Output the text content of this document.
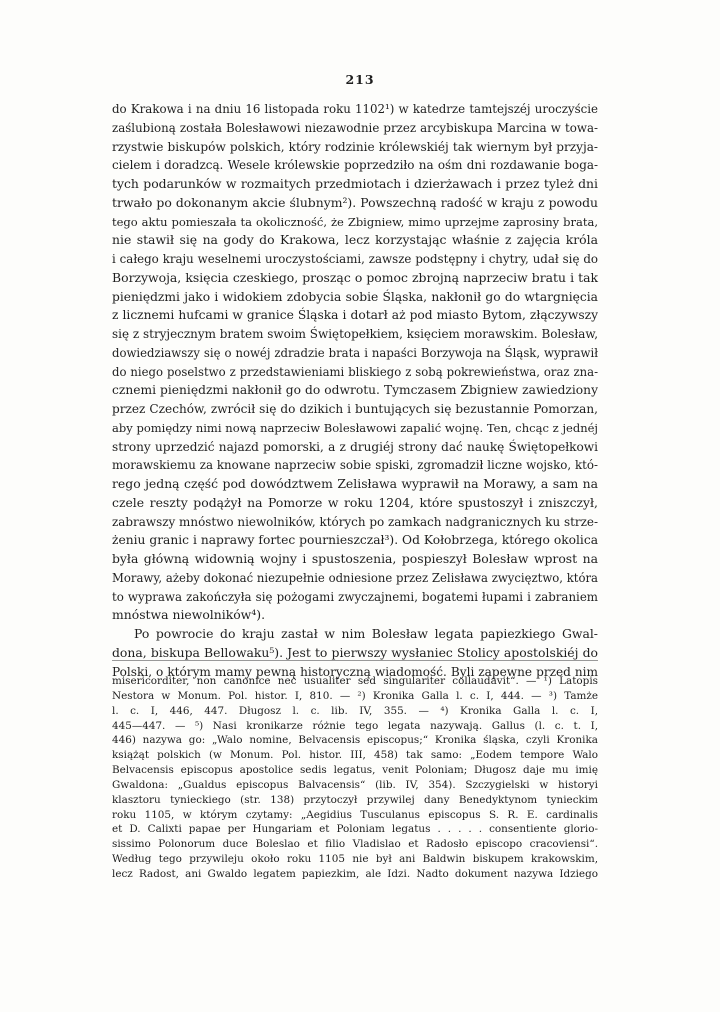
213
do Krakowa i na dniu 16 listopada roku 1102¹) w katedrze tamtejszéj uroczyście
zaślubioną została Bolesławowi niezawodnie przez arcybiskupa Marcina w towa-
rzystwie biskupów polskich, który rodzinie królewskiéj tak wiernym był przyja-
cielem i doradzcą. Wesele królewskie poprzedziło na ośm dni rozdawanie boga-
tych podarunków w rozmaitych przedmiotach i dzierżawach i przez tyleż dni
trwało po dokonanym akcie ślubnym²). Powszechną radość w kraju z powodu
tego aktu pomieszała ta okoliczność, że Zbigniew, mimo uprzejme zaprosiny brata,
nie stawił się na gody do Krakowa, lecz korzystając właśnie z zajęcia króla
i całego kraju weselnemi uroczystościami, zawsze podstępny i chytry, udał się do
Borzywoja, księcia czeskiego, prosząc o pomoc zbrojną naprzeciw bratu i tak
pieniędzmi jako i widokiem zdobycia sobie Śląska, nakłonił go do wtargnięcia
z licznemi hufcami w granice Śląska i dotarł aż pod miasto Bytom, złączywszy
się z stryjecznym bratem swoim Świętopełkiem, księciem morawskim. Bolesław,
dowiedziawszy się o nowéj zdradzie brata i napaści Borzywoja na Śląsk, wyprawił
do niego poselstwo z przedstawieniami bliskiego z sobą pokrewieństwa, oraz zna-
cznemi pieniędzmi nakłonił go do odwrotu. Tymczasem Zbigniew zawiedziony
przez Czechów, zwrócił się do dzikich i buntujących się bezustannie Pomorzan,
aby pomiędzy nimi nową naprzeciw Bolesławowi zapalić wojnę. Ten, chcąc z jednéj
strony uprzedzić najazd pomorski, a z drugiéj strony dać naukę Świętopełkowi
morawskiemu za knowane naprzeciw sobie spiski, zgromadził liczne wojsko, któ-
rego jedną część pod dowództwem Zelisława wyprawił na Morawy, a sam na
czele reszty podążył na Pomorze w roku 1204, które spustoszył i zniszczył,
zabrawszy mnóstwo niewolników, których po zamkach nadgranicznych ku strze-
żeniu granic i naprawy fortec pournieszczał³). Od Kołobrzega, którego okolica
była główną widownią wojny i spustoszenia, pospieszył Bolesław wprost na
Morawy, ażeby dokonać niezupełnie odniesione przez Zelisława zwycięztwo, która
to wyprawa zakończyła się pożogami zwyczajnemi, bogatemi łupami i zabraniem
mnóstwa niewolników⁴).
Po powrocie do kraju zastał w nim Bolesław legata papiezkiego Gwal-
dona, biskupa Bellowaku⁵). Jest to pierwszy wysłaniec Stolicy apostolskiéj do
Polski, o którym mamy pewną historyczną wiadomość. Byli zapewne przed nim
misericorditer, non canonice nec usualiter sed singulariter collaudavit“. — ¹) Latopis
Nestora w Monum. Pol. histor. I, 810. — ²) Kronika Galla l. c. I, 444. — ³) Tamże
l. c. I, 446, 447. Długosz l. c. lib. IV, 355. — ⁴) Kronika Galla l. c. I,
445—447. — ⁵) Nasi kronikarze różnie tego legata nazywają. Gallus (l. c. t. I,
446) nazywa go: „Walo nomine, Belvacensis episcopus;“ Kronika śląska, czyli Kronika
książąt polskich (w Monum. Pol. histor. III, 458) tak samo: „Eodem tempore Walo
Belvacensis episcopus apostolice sedis legatus, venit Poloniam; Długosz daje mu imię
Gwaldona: „Gualdus episcopus Balvacensis“ (lib. IV, 354). Szczygielski w historyi
klasztoru tynieckiego (str. 138) przytoczył przywilej dany Benedyktynom tynieckim
roku 1105, w którym czytamy: „Aegidius Tusculanus episcopus S. R. E. cardinalis
et D. Calixti papae per Hungariam et Poloniam legatus . . . . . consentiente glorio-
sissimo Polonorum duce Boleslao et filio Vladislao et Radosło episcopo cracoviensi“.
Według tego przywileju około roku 1105 nie był ani Baldwin biskupem krakowskim,
lecz Radost, ani Gwaldo legatem papiezkim, ale Idzi. Nadto dokument nazywa Idziego
